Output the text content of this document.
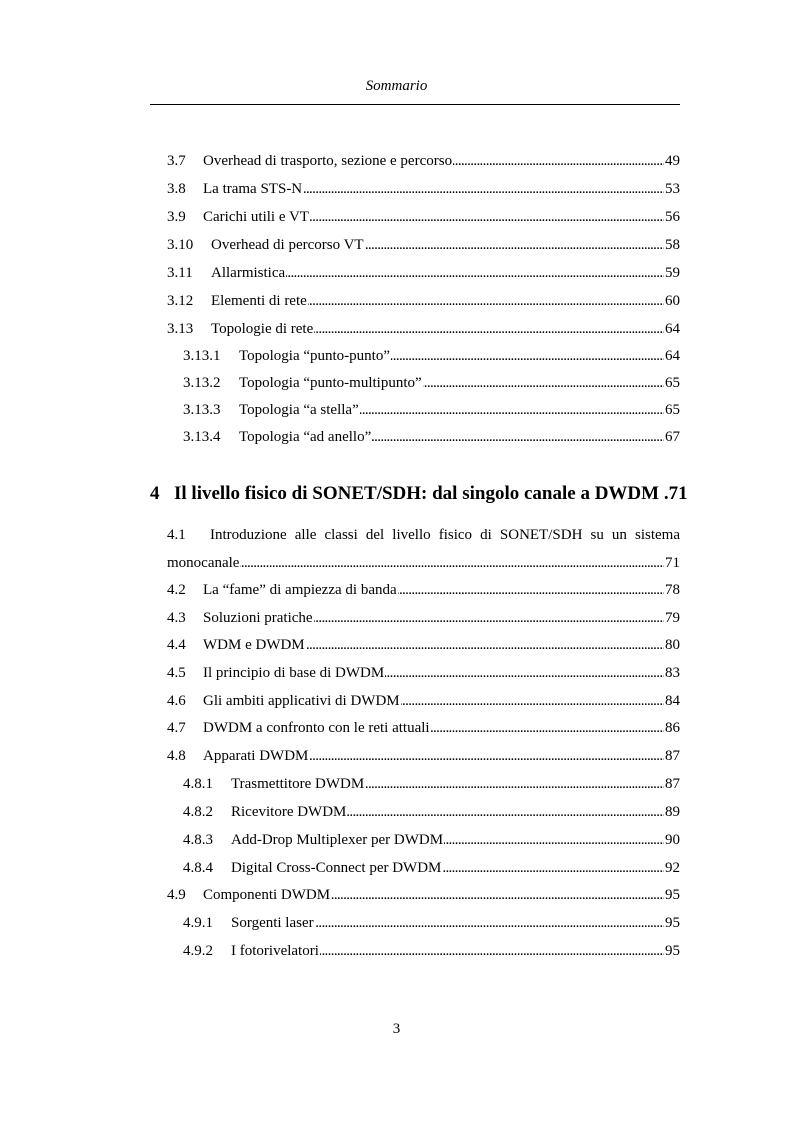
Sommario
3.7	Overhead di trasporto, sezione e percorso . . .	49
3.8	La trama STS-N . . .	53
3.9	Carichi utili e VT . . .	56
3.10	Overhead di percorso VT . . .	58
3.11	Allarmistica . . .	59
3.12	Elementi di rete . . .	60
3.13	Topologie di rete . . .	64
3.13.1	Topologia “punto-punto” . . .	64
3.13.2	Topologia “punto-multipunto” . . .	65
3.13.3	Topologia “a stella” . . .	65
3.13.4	Topologia “ad anello” . . .	67
4 Il livello fisico di SONET/SDH: dal singolo canale a DWDM .71
4.1 Introduzione alle classi del livello fisico di SONET/SDH su un sistema
monocanale . . .	71
4.2	La “fame” di ampiezza di banda . . .	78
4.3	Soluzioni pratiche . . .	79
4.4	WDM e DWDM . . .	80
4.5	Il principio di base di DWDM . . .	83
4.6	Gli ambiti applicativi di DWDM . . .	84
4.7	DWDM a confronto con le reti attuali . . .	86
4.8	Apparati DWDM . . .	87
4.8.1	Trasmettitore DWDM . . .	87
4.8.2	Ricevitore DWDM . . .	89
4.8.3	Add-Drop Multiplexer per DWDM . . .	90
4.8.4	Digital Cross-Connect per DWDM . . .	92
4.9	Componenti DWDM . . .	95
4.9.1	Sorgenti laser . . .	95
4.9.2	I fotorivelatori . . .	95
3
